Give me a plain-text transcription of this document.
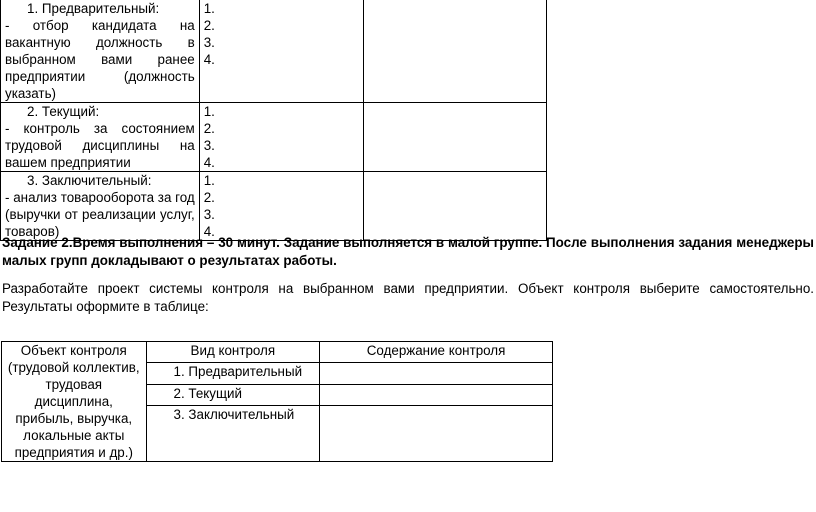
1. Предварительный:
- отбор кандидата на вакантную должность в выбранном вами ранее предприятии (должность указать)	1.
2.
3.
4.	

2. Текущий:
- контроль за состоянием трудовой дисциплины на вашем предприятии	1.
2.
3.
4.	

3. Заключительный:
- анализ товарооборота за год (выручки от реализации услуг, товаров)	1.
2.
3.
4.	

Задание 2.Время выполнения – 30 минут. Задание выполняется в малой группе. После выполнения задания менеджеры малых групп докладывают о результатах работы.
Разработайте проект системы контроля на выбранном вами предприятии. Объект контроля выберите самостоятельно. Результаты оформите в таблице:
Объект контроля
(трудовой коллектив, трудовая дисциплина, прибыль, выручка, локальные акты предприятия и др.)	Вид контроля	Содержание контроля

	1. Предварительный	

	2. Текущий	

	3. Заключительный	
